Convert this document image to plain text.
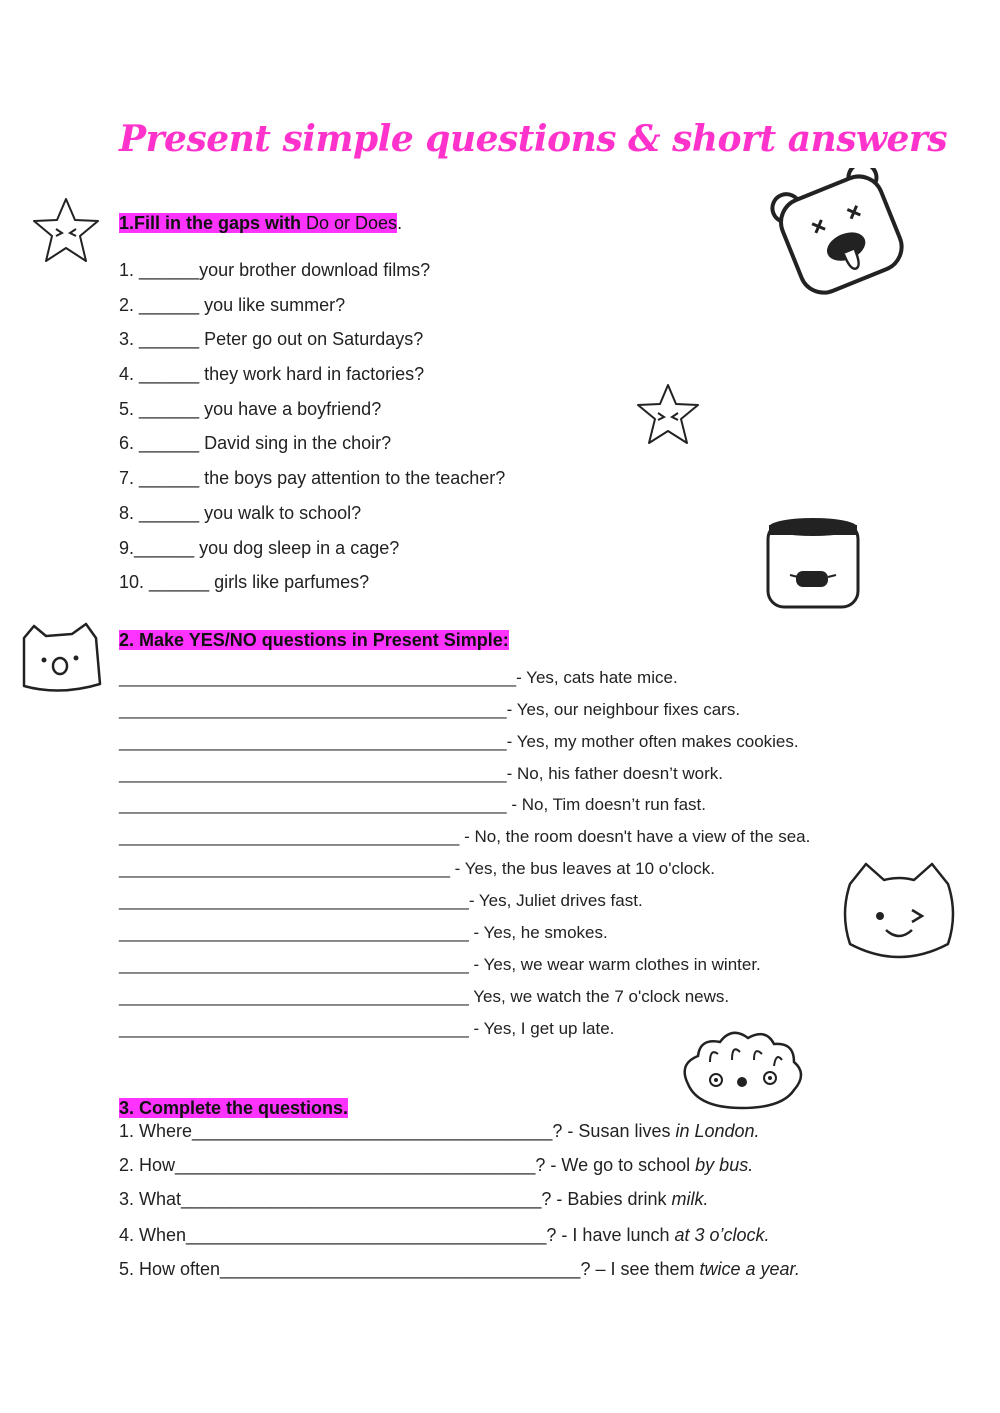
Present simple questions & short answers
1.Fill in the gaps with Do or Does.
1. ______your brother download films?
2. ______ you like summer?
3. ______ Peter go out on Saturdays?
4. ______ they work hard in factories?
5. ______ you have a boyfriend?
6. ______ David sing in the choir?
7. ______ the boys pay attention to the teacher?
8. ______ you walk to school?
9.______ you dog sleep in a cage?
10. ______ girls like parfumes?
2. Make YES/NO questions in Present Simple:
__________________________________________- Yes, cats hate mice.
_________________________________________- Yes, our neighbour fixes cars.
_________________________________________- Yes, my mother often makes cookies.
_________________________________________- No, his father doesn’t work.
_________________________________________ - No, Tim doesn’t run fast.
____________________________________ - No, the room doesn't have a view of the sea.
___________________________________ - Yes, the bus leaves at 10 o'clock.
_____________________________________- Yes, Juliet drives fast.
_____________________________________ - Yes, he smokes.
_____________________________________ - Yes, we wear warm clothes in winter.
_____________________________________ Yes, we watch the 7 o'clock news.
_____________________________________ - Yes, I get up late.
3. Complete the questions.
1. Where____________________________________? - Susan lives in London.
2. How____________________________________? - We go to school by bus.
3. What____________________________________? - Babies drink milk.
4. When____________________________________? - I have lunch at 3 o’clock.
5. How often____________________________________? – I see them twice a year.
